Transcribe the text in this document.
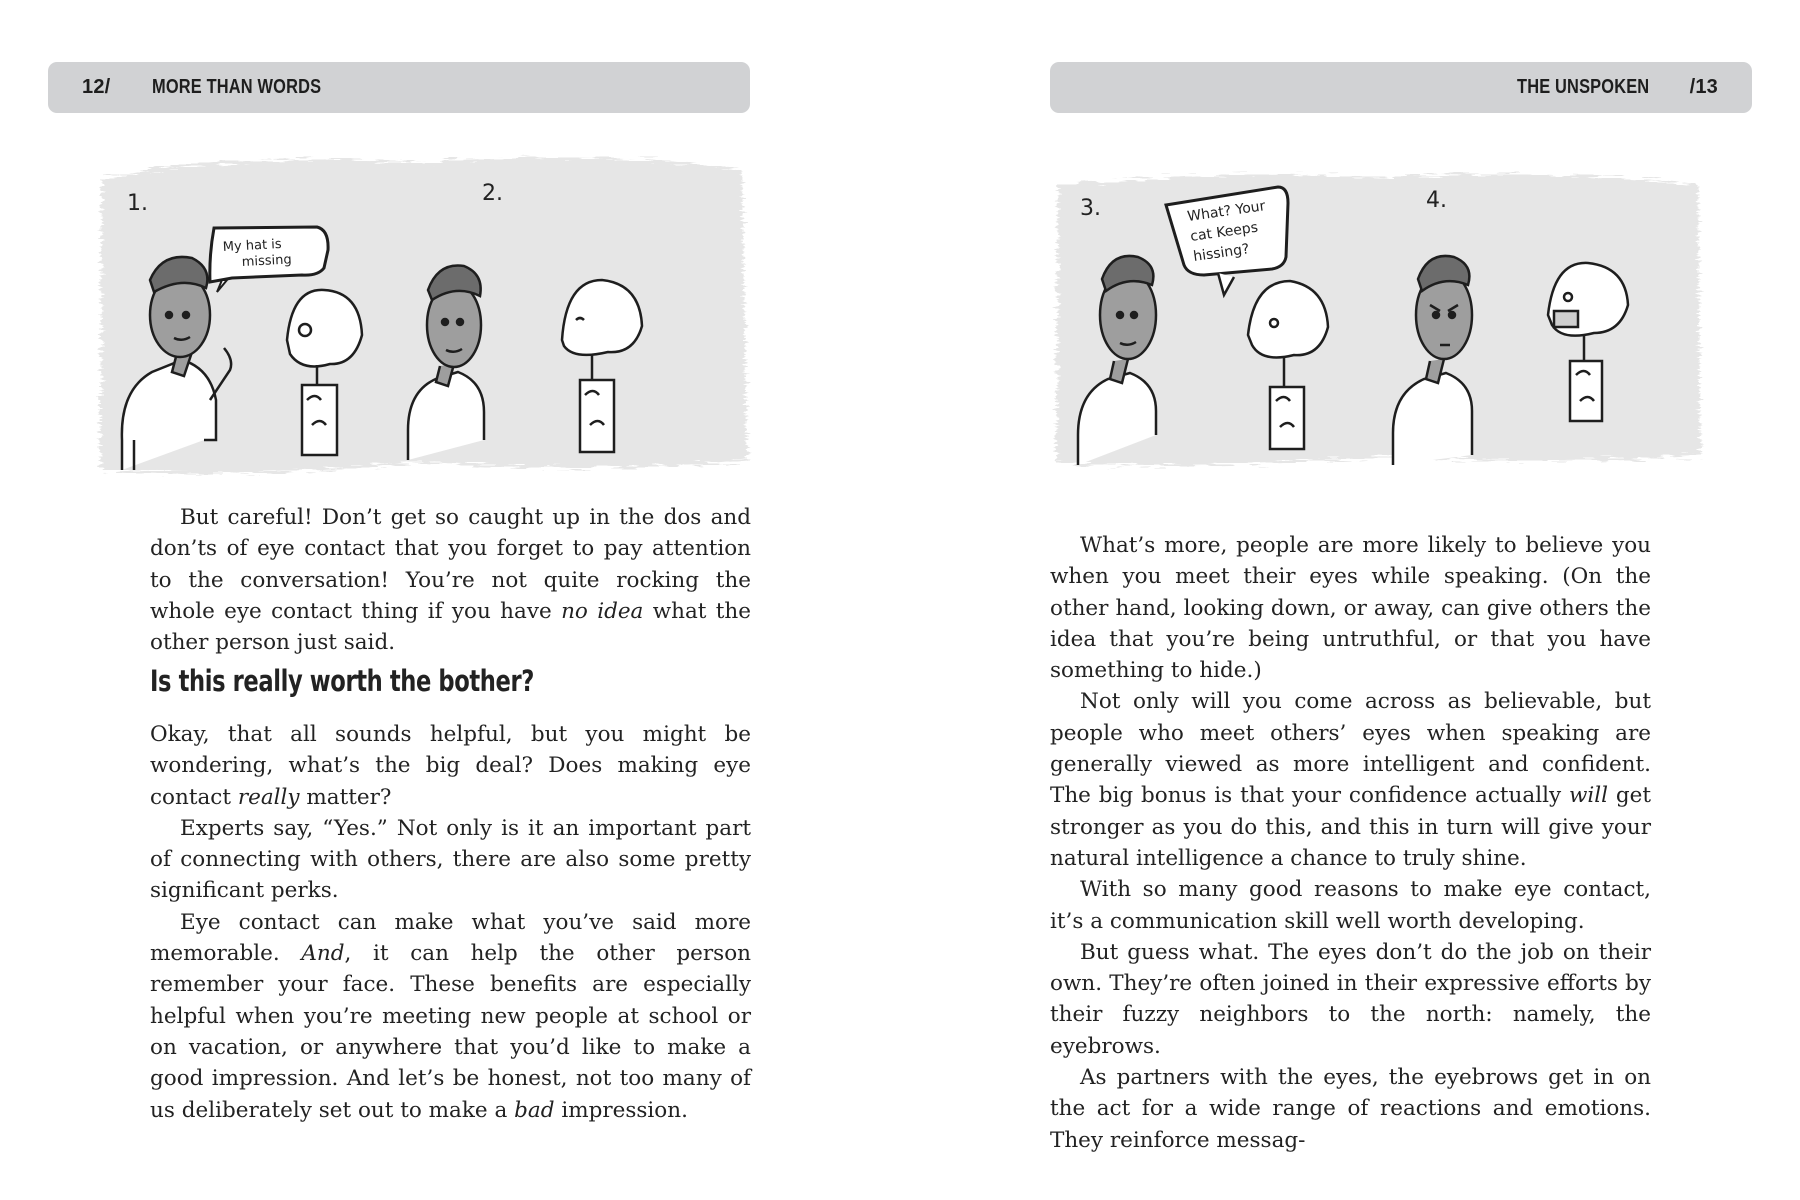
12/	MORE THAN WORDS
1.	2.
My hat is
missing

But careful! Don’t get so caught up in the dos and don’ts of eye contact that you forget to pay attention to the conversation! You’re not quite rocking the whole eye contact thing if you have no idea what the other person just said.

Is this really worth the bother?

Okay, that all sounds helpful, but you might be wondering, what’s the big deal? Does making eye contact really matter?

Experts say, “Yes.” Not only is it an important part of connecting with others, there are also some pretty significant perks.

Eye contact can make what you’ve said more memorable. And, it can help the other person remember your face. These benefits are especially helpful when you’re meeting new people at school or on vacation, or anywhere that you’d like to make a good impression. And let’s be honest, not too many of us deliberately set out to make a bad impression.

THE UNSPOKEN /13
3.	4.
What? Your
cat Keeps
hissing?

What’s more, people are more likely to believe you when you meet their eyes while speaking. (On the other hand, looking down, or away, can give others the idea that you’re being untruthful, or that you have something to hide.)

Not only will you come across as believable, but people who meet others’ eyes when speaking are generally viewed as more intelligent and confident. The big bonus is that your confidence actually will get stronger as you do this, and this in turn will give your natural intelligence a chance to truly shine.

With so many good reasons to make eye contact, it’s a communication skill well worth developing.

But guess what. The eyes don’t do the job on their own. They’re often joined in their expressive efforts by their fuzzy neighbors to the north: namely, the eyebrows.

As partners with the eyes, the eyebrows get in on the act for a wide range of reactions and emotions. They reinforce messag-
